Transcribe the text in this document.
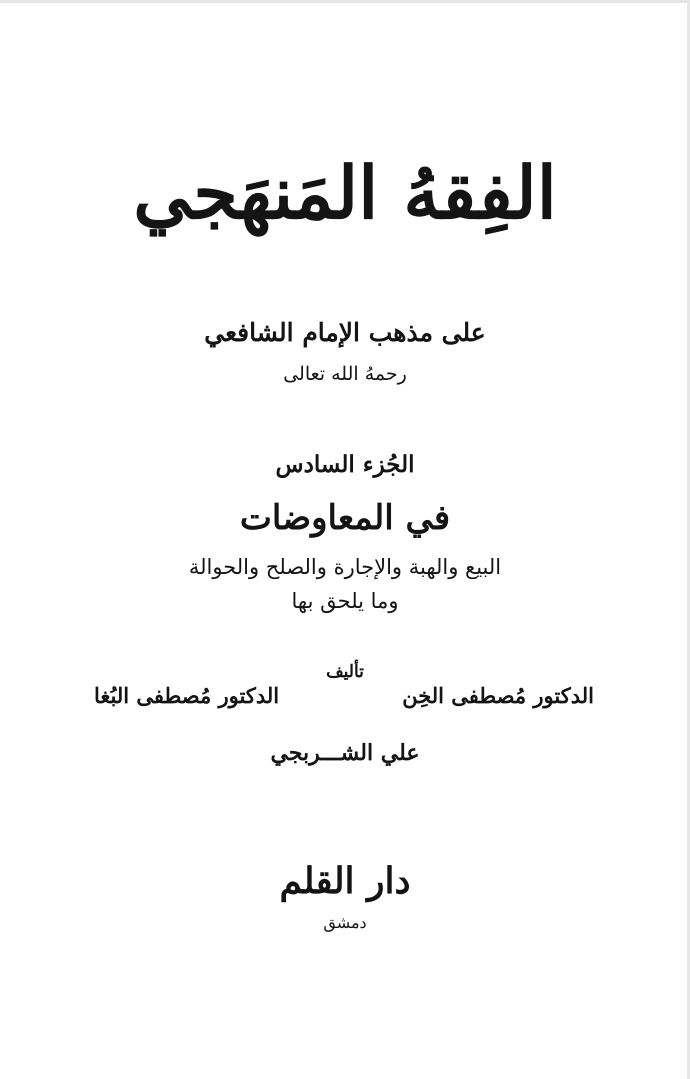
الفِقهُ المَنهَجي
على مذهب الإمام الشافعي
رحمهُ الله تعالى
الجُزء السادس
في المعاوضات
البيع والهبة والإجارة والصلح والحوالة
وما يلحق بها
تأليف
الدكتور مُصطفى الخِن
الدكتور مُصطفى البُغا
علي الشـــربجي
دار القلم
دمشق
